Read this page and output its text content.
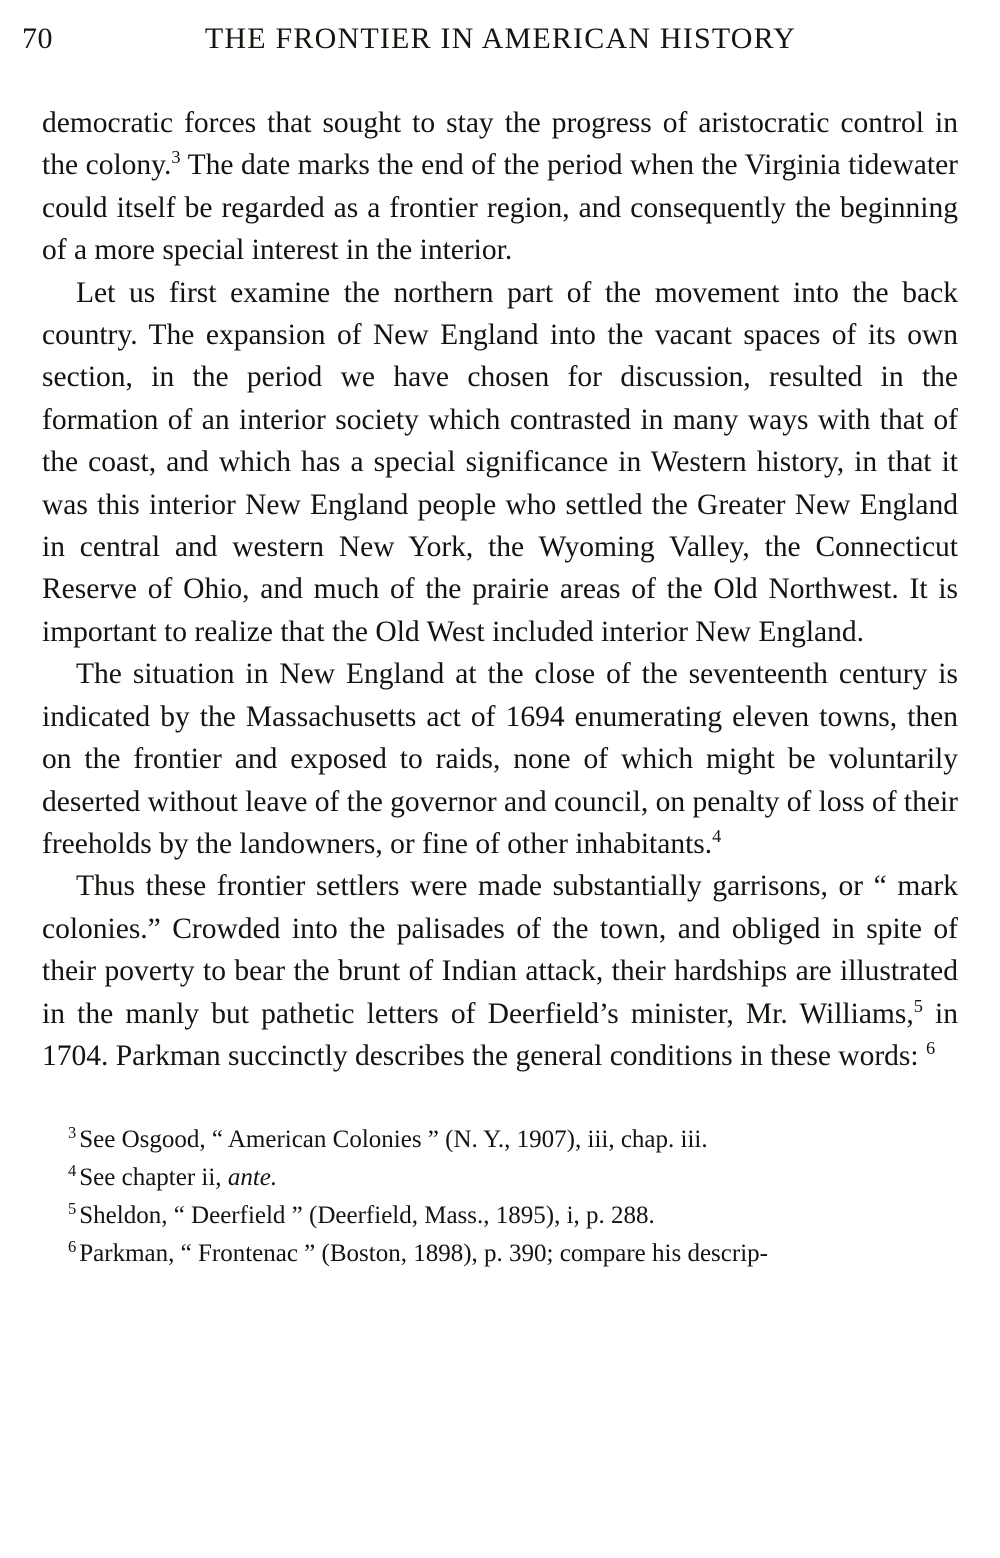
70	THE FRONTIER IN AMERICAN HISTORY

democratic forces that sought to stay the progress of aristocratic control in the colony.$^3$ The date marks the end of the period when the Virginia tidewater could itself be regarded as a frontier region, and consequently the beginning of a more special interest in the interior.

Let us first examine the northern part of the movement into the back country. The expansion of New England into the vacant spaces of its own section, in the period we have chosen for discussion, resulted in the formation of an interior society which contrasted in many ways with that of the coast, and which has a special significance in Western history, in that it was this interior New England people who settled the Greater New England in central and western New York, the Wyoming Valley, the Connecticut Reserve of Ohio, and much of the prairie areas of the Old Northwest. It is important to realize that the Old West included interior New England.

The situation in New England at the close of the seventeenth century is indicated by the Massachusetts act of 1694 enumerating eleven towns, then on the frontier and exposed to raids, none of which might be voluntarily deserted without leave of the governor and council, on penalty of loss of their freeholds by the landowners, or fine of other inhabitants.$^4$

Thus these frontier settlers were made substantially garrisons, or “ mark colonies.” Crowded into the palisades of the town, and obliged in spite of their poverty to bear the brunt of Indian attack, their hardships are illustrated in the manly but pathetic letters of Deerfield’s minister, Mr. Williams,$^5$ in 1704. Parkman succinctly describes the general conditions in these words: $^6$

$^3$ See Osgood, “ American Colonies ” (N. Y., 1907), iii, chap. iii.

$^4$ See chapter ii, ante.

$^5$ Sheldon, “ Deerfield ” (Deerfield, Mass., 1895), i, p. 288.

$^6$ Parkman, “ Frontenac ” (Boston, 1898), p. 390; compare his descrip-
